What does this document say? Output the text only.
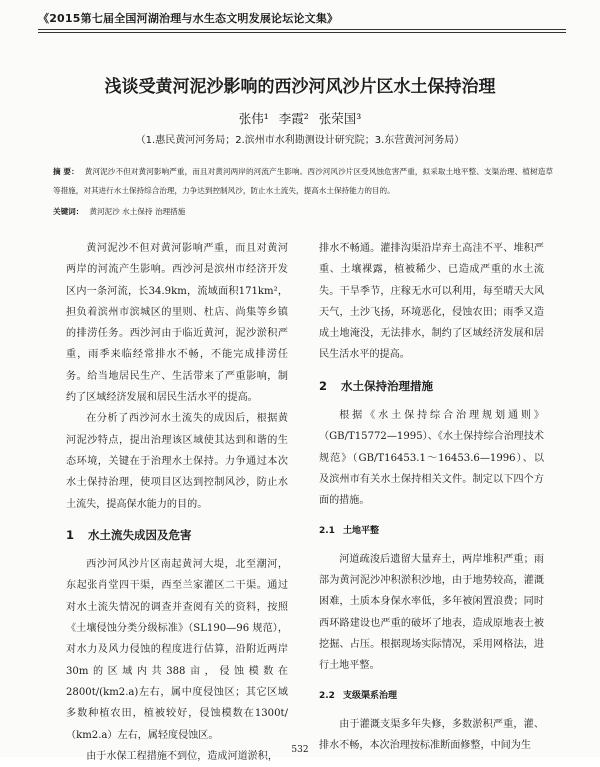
《2015第七届全国河湖治理与水生态文明发展论坛论文集》
浅谈受黄河泥沙影响的西沙河风沙片区水土保持治理
张伟¹ 李霞² 张荣国³
（1.惠民黄河河务局；2.滨州市水利勘测设计研究院；3.东营黄河河务局）
摘 要： 黄河泥沙不但对黄河影响严重，而且对黄河两岸的河流产生影响。西沙河风沙片区受风蚀危害严重，拟采取土地平整、支渠治理、植树造草等措施，对其进行水土保持综合治理，力争达到控制风沙，防止水土流失，提高水土保持能力的目的。
关键词： 黄河泥沙 水土保持 治理措施

黄河泥沙不但对黄河影响严重，而且对黄河两岸的河流产生影响。西沙河是滨州市经济开发区内一条河流，长34.9km，流域面积171km²，担负着滨州市滨城区的里则、杜店、尚集等乡镇的排涝任务。西沙河由于临近黄河，泥沙淤积严重，雨季来临经常排水不畅，不能完成排涝任务。给当地居民生产、生活带来了严重影响，制约了区域经济发展和居民生活水平的提高。

在分析了西沙河水土流失的成因后，根据黄河泥沙特点，提出治理该区域使其达到和谐的生态环境，关键在于治理水土保持。力争通过本次水土保持治理，使项目区达到控制风沙，防止水土流失，提高保水能力的目的。

1 水土流失成因及危害

西沙河风沙片区南起黄河大堤，北至潮河，东起张肖堂四干渠，西至兰家灌区二干渠。通过对水土流失情况的调查并查阅有关的资料，按照《土壤侵蚀分类分级标准》（SL190—96 规范），对水力及风力侵蚀的程度进行估算，沿附近两岸30m的区域内共388亩，侵蚀模数在2800t/(km2.a)左右，属中度侵蚀区；其它区域多数种植农田，植被较好，侵蚀模数在1300t/（km2.a）左右，属轻度侵蚀区。

由于水保工程措施不到位，造成河道淤积，

排水不畅通。灌排沟渠沿岸弃土高洼不平、堆积严重、土壤裸露，植被稀少、已造成严重的水土流失。干旱季节，庄稼无水可以利用，每至晴天大风天气，土沙飞扬，环境恶化，侵蚀农田；雨季又造成土地淹没，无法排水，制约了区域经济发展和居民生活水平的提高。

2 水土保持治理措施

根据《水土保持综合治理规划通则》（GB/T15772—1995）、《水土保持综合治理技术规范》（GB/T16453.1～16453.6—1996）、以及滨州市有关水土保持相关文件。制定以下四个方面的措施。

2.1 土地平整

河道疏浚后遗留大量弃土，两岸堆积严重；雨部为黄河泥沙冲积淤积沙地，由于地势较高，灌溉困难，土质本身保水率低，多年被闲置浪费；同时西环路建设也严重的破坏了地表，造成原地表土被挖掘、占压。根据现场实际情况，采用网格法，进行土地平整。

2.2 支级渠系治理

由于灌溉支渠多年失修，多数淤积严重，灌、排水不畅，本次治理按标准断面修整，中间为生

532
